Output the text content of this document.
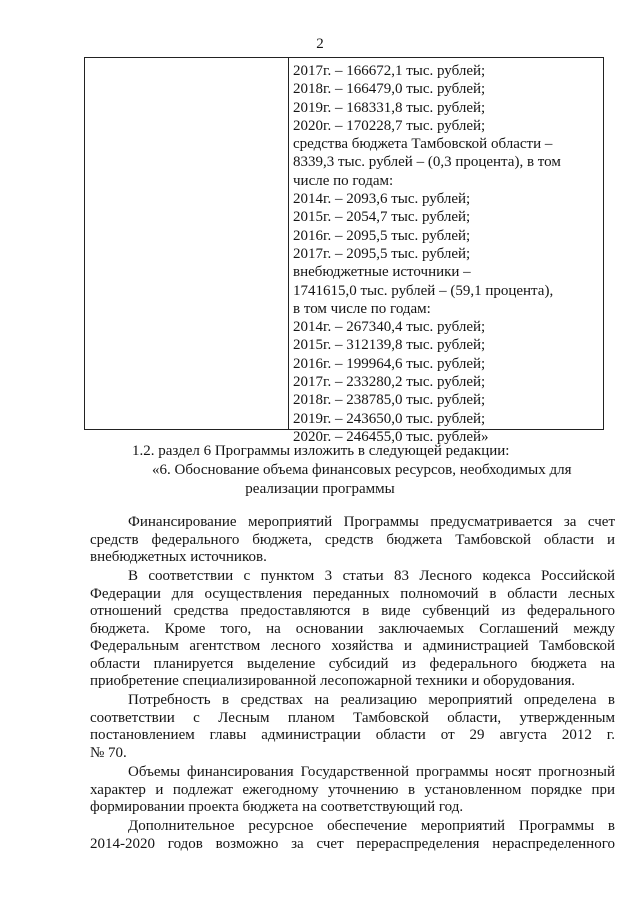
2
2017г. – 166672,1 тыс. рублей;
2018г. – 166479,0 тыс. рублей;
2019г. – 168331,8 тыс. рублей;
2020г. – 170228,7 тыс. рублей;
средства бюджета Тамбовской области –
8339,3 тыс. рублей – (0,3 процента), в том
числе по годам:
2014г. – 2093,6 тыс. рублей;
2015г. – 2054,7 тыс. рублей;
2016г. – 2095,5 тыс. рублей;
2017г. – 2095,5 тыс. рублей;
внебюджетные источники –
1741615,0 тыс. рублей – (59,1 процента),
в том числе по годам:
2014г. – 267340,4 тыс. рублей;
2015г. – 312139,8 тыс. рублей;
2016г. – 199964,6 тыс. рублей;
2017г. – 233280,2 тыс. рублей;
2018г. – 238785,0 тыс. рублей;
2019г. – 243650,0 тыс. рублей;
2020г. – 246455,0 тыс. рублей»
1.2. раздел 6 Программы изложить в следующей редакции:
«6. Обоснование объема финансовых ресурсов, необходимых для
реализации программы
Финансирование мероприятий Программы предусматривается за счет
средств федерального бюджета, средств бюджета Тамбовской области и
внебюджетных источников.
В соответствии с пунктом 3 статьи 83 Лесного кодекса Российской
Федерации для осуществления переданных полномочий в области лесных
отношений средства предоставляются в виде субвенций из федерального
бюджета. Кроме того, на основании заключаемых Соглашений между
Федеральным агентством лесного хозяйства и администрацией Тамбовской
области планируется выделение субсидий из федерального бюджета на
приобретение специализированной лесопожарной техники и оборудования.
Потребность в средствах на реализацию мероприятий определена в
соответствии с Лесным планом Тамбовской области, утвержденным
постановлением главы администрации области от 29 августа 2012 г.
№ 70.
Объемы финансирования Государственной программы носят прогнозный
характер и подлежат ежегодному уточнению в установленном порядке при
формировании проекта бюджета на соответствующий год.
Дополнительное ресурсное обеспечение мероприятий Программы в
2014-2020 годов возможно за счет перераспределения нераспределенного
